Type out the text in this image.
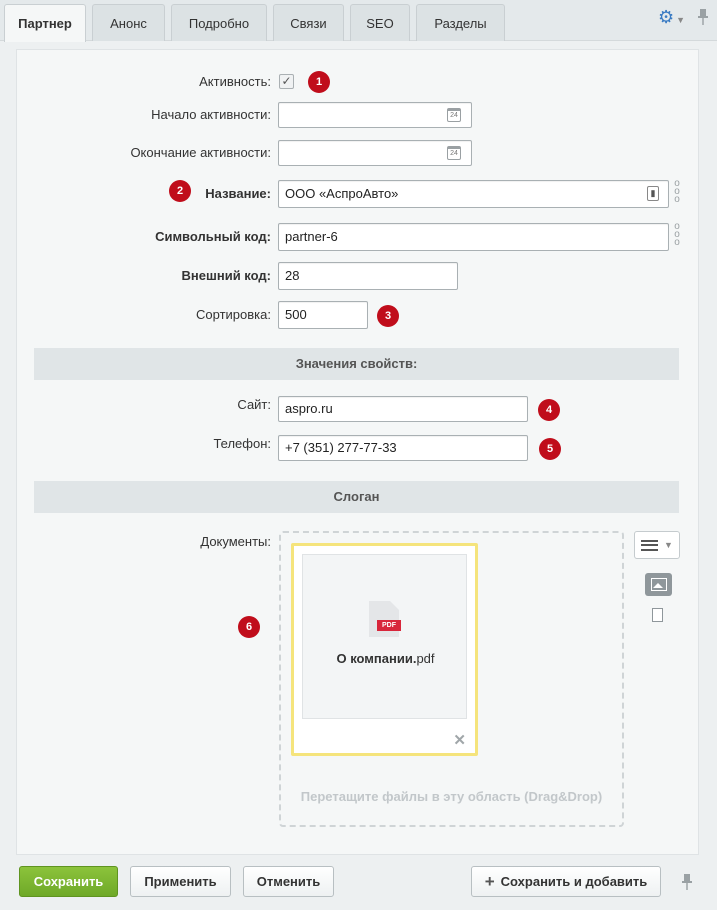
Партнер	Анонс	Подробно	Связи	SEO	Разделы	⚙ ▼
Активность: ✓	1
Начало активности:	24
Окончание активности:	24
2	Название:	ООО «АспроАвто»	▮
o
o
o
Символьный код:	partner-6
o
o
o
Внешний код:	28
Сортировка:	500	3
Значения свойств:
Сайт:	aspro.ru	4
Телефон:	+7 (351) 277-77-33	5
Слоган
Документы:
6	PDF
О компании.pdf
✕
Перетащите файлы в эту область (Drag&Drop)
▼
Сохранить	Применить	Отменить	+ Сохранить и добавить
